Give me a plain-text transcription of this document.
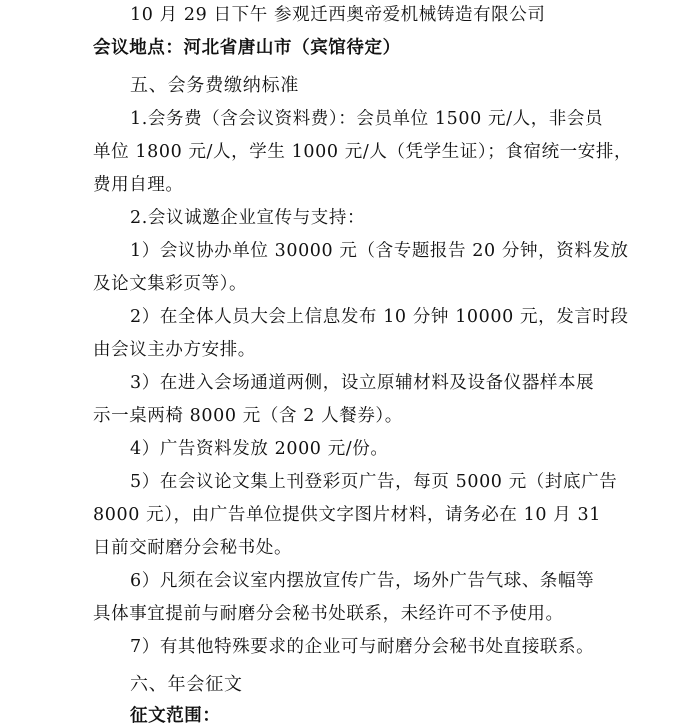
10 月 29 日下午 参观迁西奥帝爱机械铸造有限公司
会议地点：河北省唐山市（宾馆待定）
五、会务费缴纳标准
1.会务费（含会议资料费）：会员单位 1500 元/人，非会员
单位 1800 元/人，学生 1000 元/人（凭学生证）；食宿统一安排，
费用自理。
2.会议诚邀企业宣传与支持：
1）会议协办单位 30000 元（含专题报告 20 分钟，资料发放
及论文集彩页等）。
2）在全体人员大会上信息发布 10 分钟 10000 元，发言时段
由会议主办方安排。
3）在进入会场通道两侧，设立原辅材料及设备仪器样本展
示一桌两椅 8000 元（含 2 人餐券）。
4）广告资料发放 2000 元/份。
5）在会议论文集上刊登彩页广告，每页 5000 元（封底广告
8000 元），由广告单位提供文字图片材料，请务必在 10 月 31
日前交耐磨分会秘书处。
6）凡须在会议室内摆放宣传广告，场外广告气球、条幅等
具体事宜提前与耐磨分会秘书处联系，未经许可不予使用。
7）有其他特殊要求的企业可与耐磨分会秘书处直接联系。
六、年会征文
征文范围：
